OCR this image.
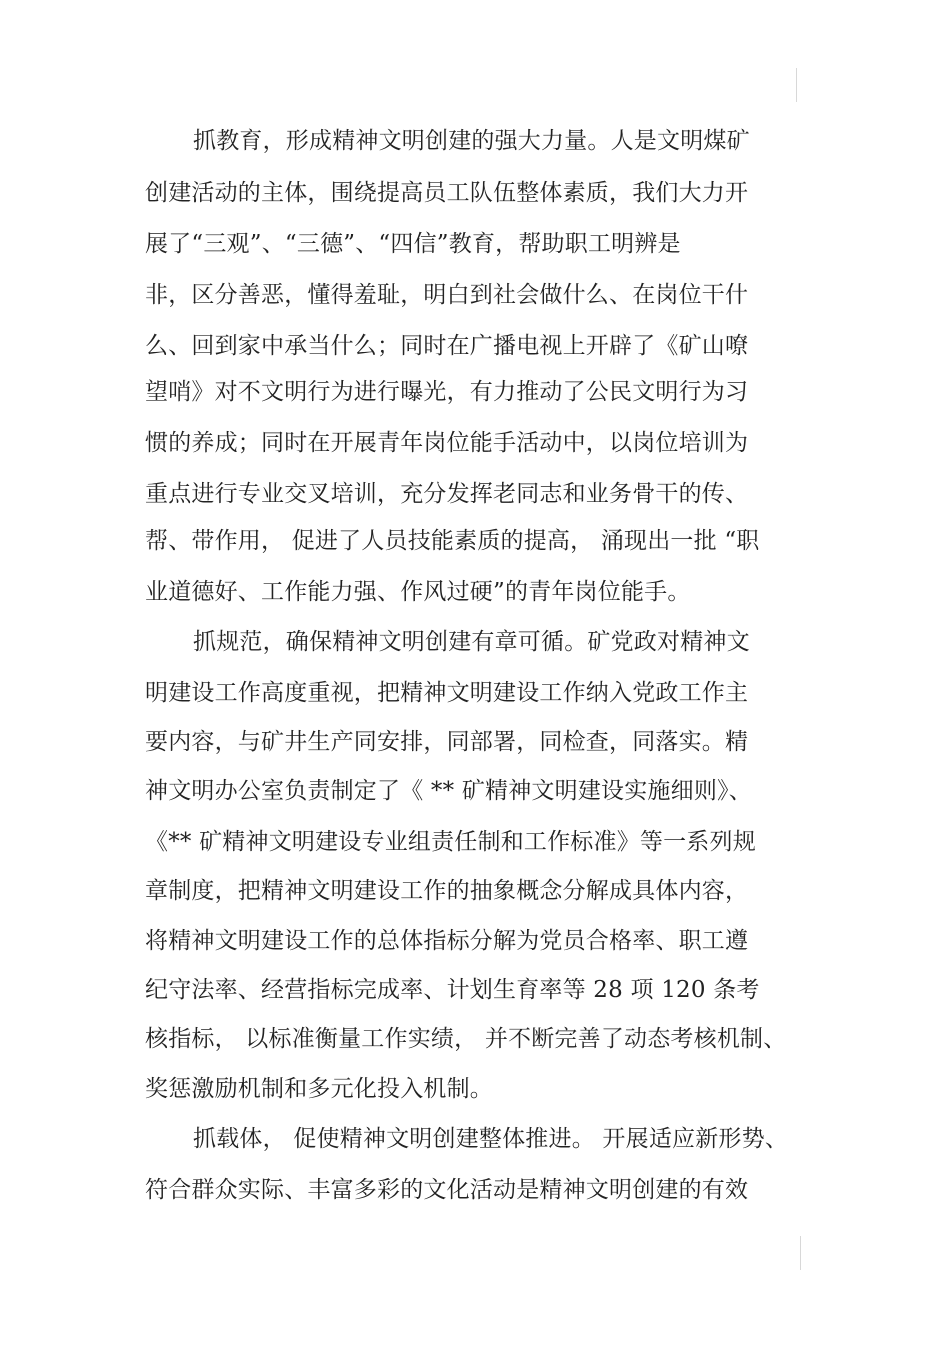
抓教育，形成精神文明创建的强大力量。人是文明煤矿
创建活动的主体，围绕提高员工队伍整体素质，我们大力开
展了“三观”、“三德”、“四信”教育，帮助职工明辨是
非，区分善恶，懂得羞耻，明白到社会做什么、在岗位干什
么、回到家中承当什么；同时在广播电视上开辟了《矿山嘹
望哨》对不文明行为进行曝光，有力推动了公民文明行为习
惯的养成；同时在开展青年岗位能手活动中，以岗位培训为
重点进行专业交叉培训，充分发挥老同志和业务骨干的传、
帮、带作用， 促进了人员技能素质的提高， 涌现出一批 “职
业道德好、工作能力强、作风过硬”的青年岗位能手。
抓规范，确保精神文明创建有章可循。矿党政对精神文
明建设工作高度重视，把精神文明建设工作纳入党政工作主
要内容，与矿井生产同安排，同部署，同检查，同落实。精
神文明办公室负责制定了《 ** 矿精神文明建设实施细则》、
《** 矿精神文明建设专业组责任制和工作标准》等一系列规
章制度，把精神文明建设工作的抽象概念分解成具体内容，
将精神文明建设工作的总体指标分解为党员合格率、职工遵
纪守法率、经营指标完成率、计划生育率等 28 项 120 条考
核指标， 以标准衡量工作实绩， 并不断完善了动态考核机制、
奖惩激励机制和多元化投入机制。
抓载体， 促使精神文明创建整体推进。 开展适应新形势、
符合群众实际、丰富多彩的文化活动是精神文明创建的有效
